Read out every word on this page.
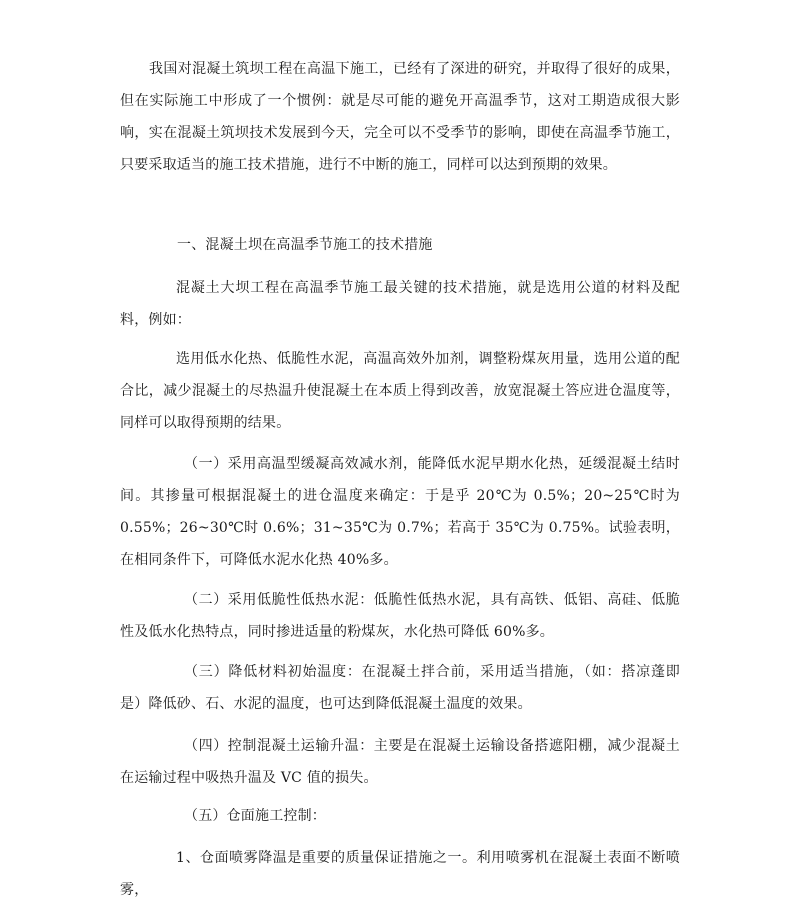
我国对混凝土筑坝工程在高温下施工，已经有了深进的研究，并取得了很好的成果，但在实际施工中形成了一个惯例：就是尽可能的避免开高温季节，这对工期造成很大影响，实在混凝土筑坝技术发展到今天，完全可以不受季节的影响，即使在高温季节施工，只要采取适当的施工技术措施，进行不中断的施工，同样可以达到预期的效果。

一、混凝土坝在高温季节施工的技术措施

混凝土大坝工程在高温季节施工最关键的技术措施，就是选用公道的材料及配料，例如：

选用低水化热、低脆性水泥，高温高效外加剂，调整粉煤灰用量，选用公道的配合比，减少混凝土的尽热温升使混凝土在本质上得到改善，放宽混凝土答应进仓温度等，同样可以取得预期的结果。

（一）采用高温型缓凝高效减水剂，能降低水泥早期水化热，延缓混凝土结时间。其掺量可根据混凝土的进仓温度来确定：于是乎 20℃为 0.5%；20~25℃时为 0.55%；26~30℃时 0.6%；31~35℃为 0.7%；若高于 35℃为 0.75%。试验表明，在相同条件下，可降低水泥水化热 40%多。

（二）采用低脆性低热水泥：低脆性低热水泥，具有高铁、低铝、高硅、低脆性及低水化热特点，同时掺进适量的粉煤灰，水化热可降低 60%多。

（三）降低材料初始温度：在混凝土拌合前，采用适当措施，（如：搭凉蓬即是）降低砂、石、水泥的温度，也可达到降低混凝土温度的效果。

（四）控制混凝土运输升温：主要是在混凝土运输设备搭遮阳棚，减少混凝土在运输过程中吸热升温及 VC 值的损失。

（五）仓面施工控制：

1、仓面喷雾降温是重要的质量保证措施之一。利用喷雾机在混凝土表面不断喷雾，
